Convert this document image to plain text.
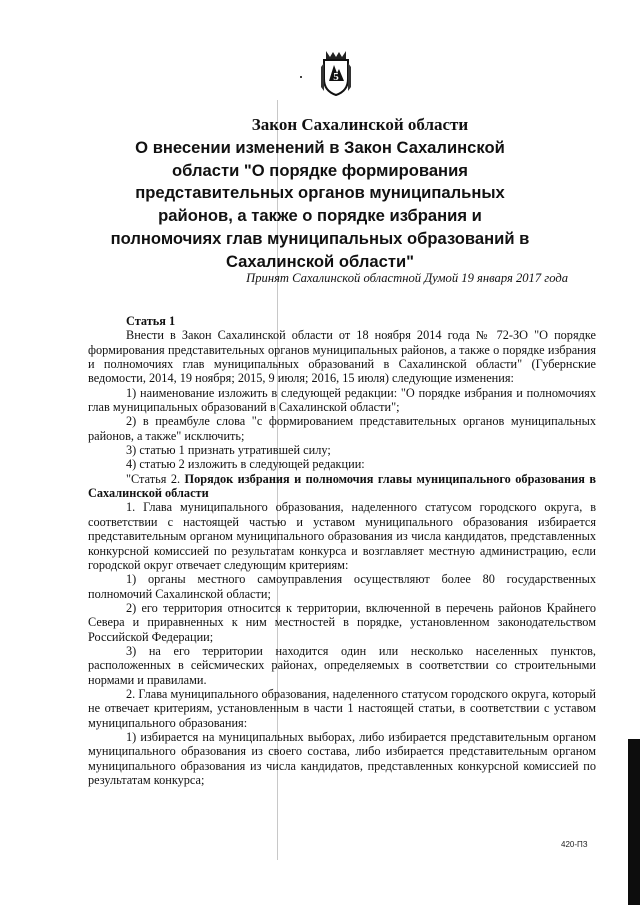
5
Закон Сахалинской области
О внесении изменений в Закон Сахалинской
области "О порядке формирования
представительных органов муниципальных
районов, а также о порядке избрания и
полномочиях глав муниципальных образований в
Сахалинской области"
Принят Сахалинской областной Думой 19 января 2017 года

Статья 1

Внести в Закон Сахалинской области от 18 ноября 2014 года № 72-ЗО "О порядке формирования представительных органов муниципальных районов, а также о порядке избрания и полномочиях глав муниципальных образований в Сахалинской области" (Губернские ведомости, 2014, 19 ноября; 2015, 9 июля; 2016, 15 июля) следующие изменения:

1) наименование изложить в следующей редакции: "О порядке избрания и полномочиях глав муниципальных образований в Сахалинской области";

2) в преамбуле слова "с формированием представительных органов муниципальных районов, а также" исключить;

3) статью 1 признать утратившей силу;

4) статью 2 изложить в следующей редакции:

"Статья 2. Порядок избрания и полномочия главы муниципального образования в Сахалинской области

1. Глава муниципального образования, наделенного статусом городского округа, в соответствии с настоящей частью и уставом муниципального образования избирается представительным органом муниципального образования из числа кандидатов, представленных конкурсной комиссией по результатам конкурса и возглавляет местную администрацию, если городской округ отвечает следующим критериям:

1) органы местного самоуправления осуществляют более 80 государственных полномочий Сахалинской области;

2) его территория относится к территории, включенной в перечень районов Крайнего Севера и приравненных к ним местностей в порядке, установленном законодательством Российской Федерации;

3) на его территории находится один или несколько населенных пунктов, расположенных в сейсмических районах, определяемых в соответствии со строительными нормами и правилами.

2. Глава муниципального образования, наделенного статусом городского округа, который не отвечает критериям, установленным в части 1 настоящей статьи, в соответствии с уставом муниципального образования:

1) избирается на муниципальных выборах, либо избирается представительным органом муниципального образования из своего состава, либо избирается представительным органом муниципального образования из числа кандидатов, представленных конкурсной комиссией по результатам конкурса;

420-ПЗ
